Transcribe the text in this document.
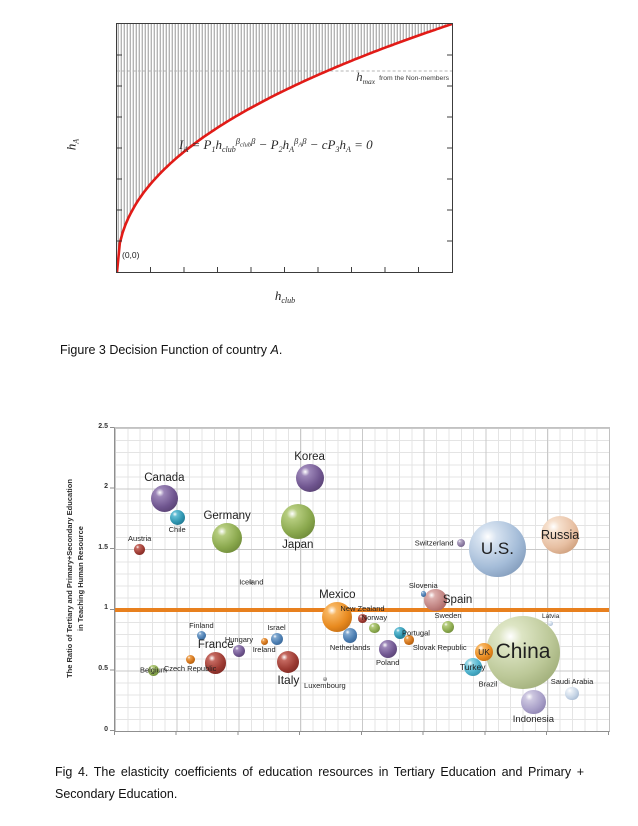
(0,0)
hmax from the Non-members
$I_A = P_1h_{club}^{\beta_{club}\beta} - P_2h_A^{\beta_A\beta} - cP_3h_A = 0$
$h_A$
$h_{club}$

Figure 3 Decision Function of country A.

The Ratio of Tertiary and Primary+Secondary Education in Teaching Human Resource
2.5
2
1.5
1
0.5
0
Austria
Canada
Chile
Germany
Korea
Japan
Iceland
Finland
Czech Republic
Belgium
France
Hungary
Ireland
Israel
Italy Luxembourg
Mexico
New Zealand
Norway
Netherlands
Portugal
Slovak Republic
Poland
Slovenia
Spain
Sweden
Switzerland U.S.
Russia
Latvia
UK
Turkey
China
Brazil
Indonesia
Saudi Arabia
Fig 4. The elasticity coefficients of education resources in Tertiary Education and Primary +
Secondary Education.
